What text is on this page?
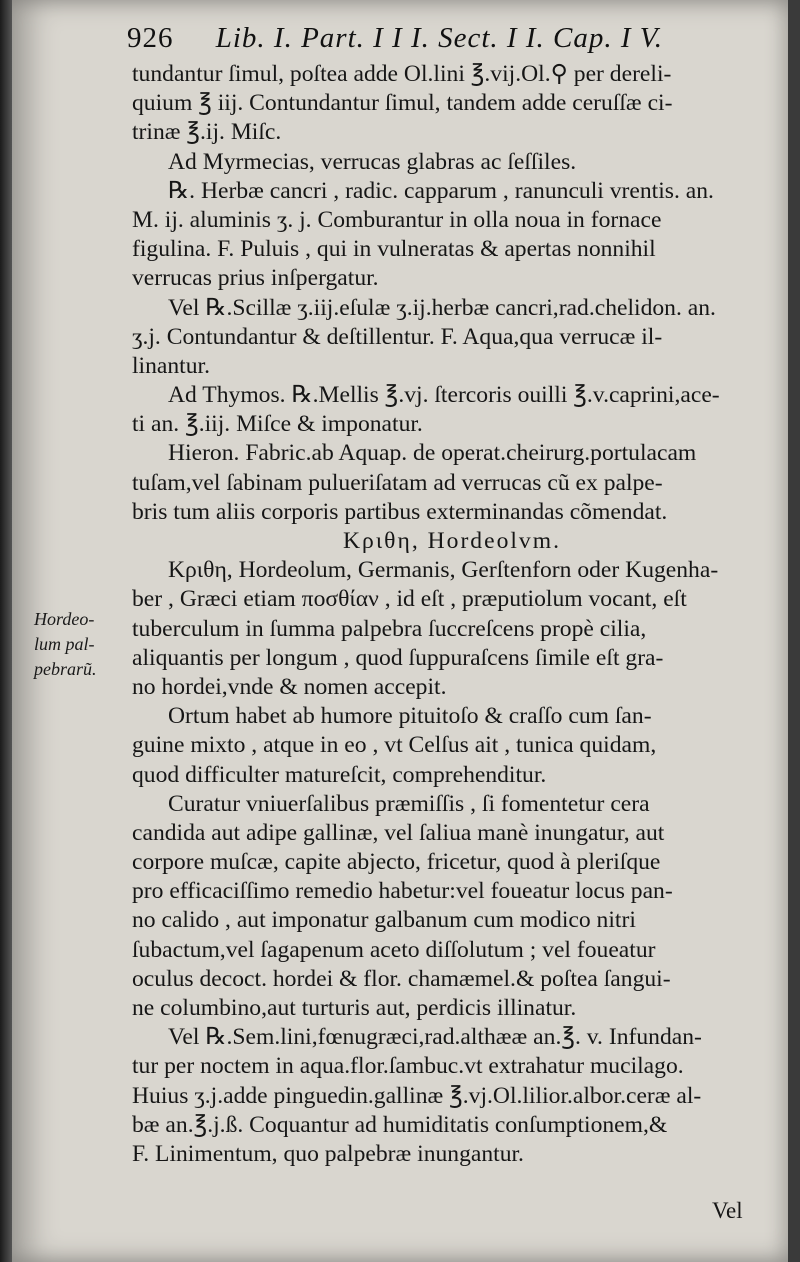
926 Lib. I. Part. I I I. Sect. I I. Cap. I V.
Hordeo-
lum pal-
pebrarũ.
tundantur ſimul, poſtea adde Ol.lini ℥.vij.Ol.⚲ per dereli-
quium ℥ iij. Contundantur ſimul, tandem adde ceruſſæ ci-
trinæ ℥.ij. Miſc.
Ad Myrmecias, verrucas glabras ac ſeſſiles.
℞. Herbæ cancri , radic. capparum , ranunculi vrentis. an.
M. ij. aluminis ʒ. j. Comburantur in olla noua in fornace
figulina. F. Puluis , qui in vulneratas & apertas nonnihil
verrucas prius inſpergatur.
Vel ℞.Scillæ ʒ.iij.eſulæ ʒ.ij.herbæ cancri,rad.chelidon. an.
ʒ.j. Contundantur & deſtillentur. F. Aqua,qua verrucæ il-
linantur.
Ad Thymos. ℞.Mellis ℥.vj. ſtercoris ouilli ℥.v.caprini,ace-
ti an. ℥.iij. Miſce & imponatur.
Hieron. Fabric.ab Aquap. de operat.cheirurg.portulacam
tuſam,vel ſabinam pulueriſatam ad verrucas cũ ex palpe-
bris tum aliis corporis partibus exterminandas cõmendat.
Κριθη, Hordeolvm.
Κριθη, Hordeolum, Germanis, Gerſtenforn oder Kugenha-
ber , Græci etiam ποσθίαν , id eſt , præputiolum vocant, eſt
tuberculum in ſumma palpebra ſuccreſcens propè cilia,
aliquantis per longum , quod ſuppuraſcens ſimile eſt gra-
no hordei,vnde & nomen accepit.
Ortum habet ab humore pituitoſo & craſſo cum ſan-
guine mixto , atque in eo , vt Celſus ait , tunica quidam,
quod difficulter matureſcit, comprehenditur.
Curatur vniuerſalibus præmiſſis , ſi fomentetur cera
candida aut adipe gallinæ, vel ſaliua manè inungatur, aut
corpore muſcæ, capite abjecto, fricetur, quod à pleriſque
pro efficaciſſimo remedio habetur:vel foueatur locus pan-
no calido , aut imponatur galbanum cum modico nitri
ſubactum,vel ſagapenum aceto diſſolutum ; vel foueatur
oculus decoct. hordei & flor. chamæmel.& poſtea ſangui-
ne columbino,aut turturis aut, perdicis illinatur.
Vel ℞.Sem.lini,fœnugræci,rad.althææ an.℥. v. Infundan-
tur per noctem in aqua.flor.ſambuc.vt extrahatur mucilago.
Huius ʒ.j.adde pinguedin.gallinæ ℥.vj.Ol.lilior.albor.ceræ al-
bæ an.℥.j.ß. Coquantur ad humiditatis conſumptionem,&
F. Linimentum, quo palpebræ inungantur.
Vel
